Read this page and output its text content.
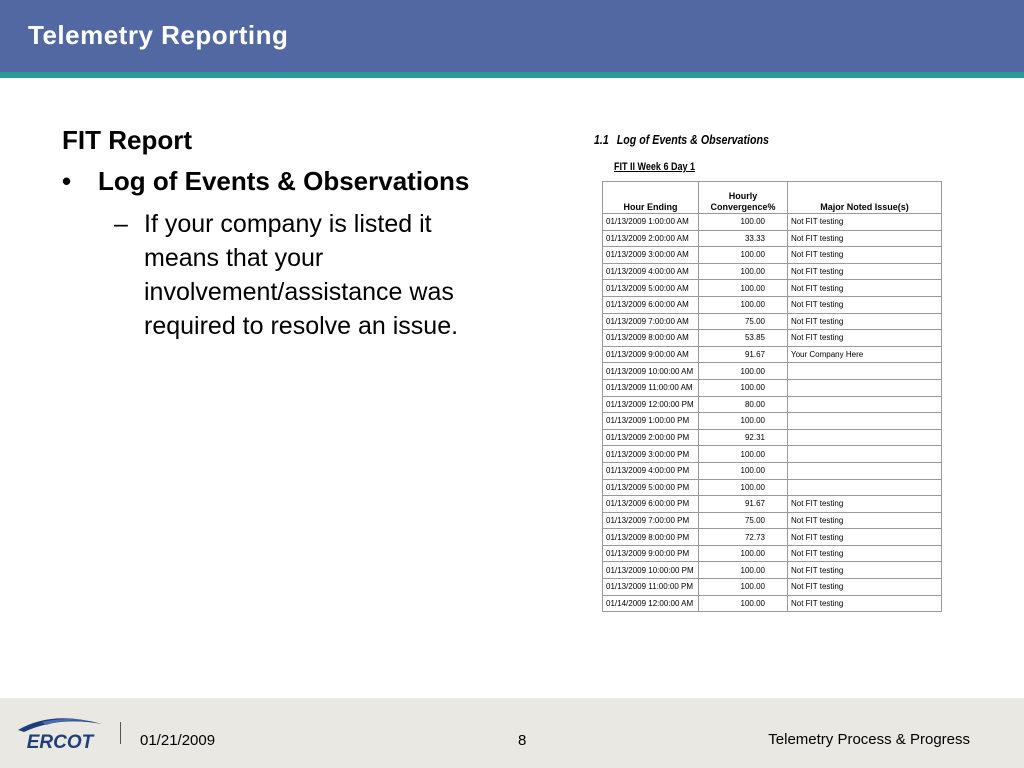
Telemetry Reporting
FIT Report
•	Log of Events & Observations
– If your company is listed it means that your involvement/assistance was required to resolve an issue.
1.1 Log of Events & Observations
FIT II Week 6 Day 1
Hour Ending	Hourly Convergence%	Major Noted Issue(s)
01/13/2009 1:00:00 AM	100.00	Not FIT testing
01/13/2009 2:00:00 AM	33.33	Not FIT testing
01/13/2009 3:00:00 AM	100.00	Not FIT testing
01/13/2009 4:00:00 AM	100.00	Not FIT testing
01/13/2009 5:00:00 AM	100.00	Not FIT testing
01/13/2009 6:00:00 AM	100.00	Not FIT testing
01/13/2009 7:00:00 AM	75.00	Not FIT testing
01/13/2009 8:00:00 AM	53.85	Not FIT testing
01/13/2009 9:00:00 AM	91.67	Your Company Here
01/13/2009 10:00:00 AM	100.00	
01/13/2009 11:00:00 AM	100.00	
01/13/2009 12:00:00 PM	80.00	
01/13/2009 1:00:00 PM	100.00	
01/13/2009 2:00:00 PM	92.31	
01/13/2009 3:00:00 PM	100.00	
01/13/2009 4:00:00 PM	100.00	
01/13/2009 5:00:00 PM	100.00	
01/13/2009 6:00:00 PM	91.67	Not FIT testing
01/13/2009 7:00:00 PM	75.00	Not FIT testing
01/13/2009 8:00:00 PM	72.73	Not FIT testing
01/13/2009 9:00:00 PM	100.00	Not FIT testing
01/13/2009 10:00:00 PM	100.00	Not FIT testing
01/13/2009 11:00:00 PM	100.00	Not FIT testing
01/14/2009 12:00:00 AM	100.00	Not FIT testing
ERCOT	01/21/2009	8	Telemetry Process & Progress
